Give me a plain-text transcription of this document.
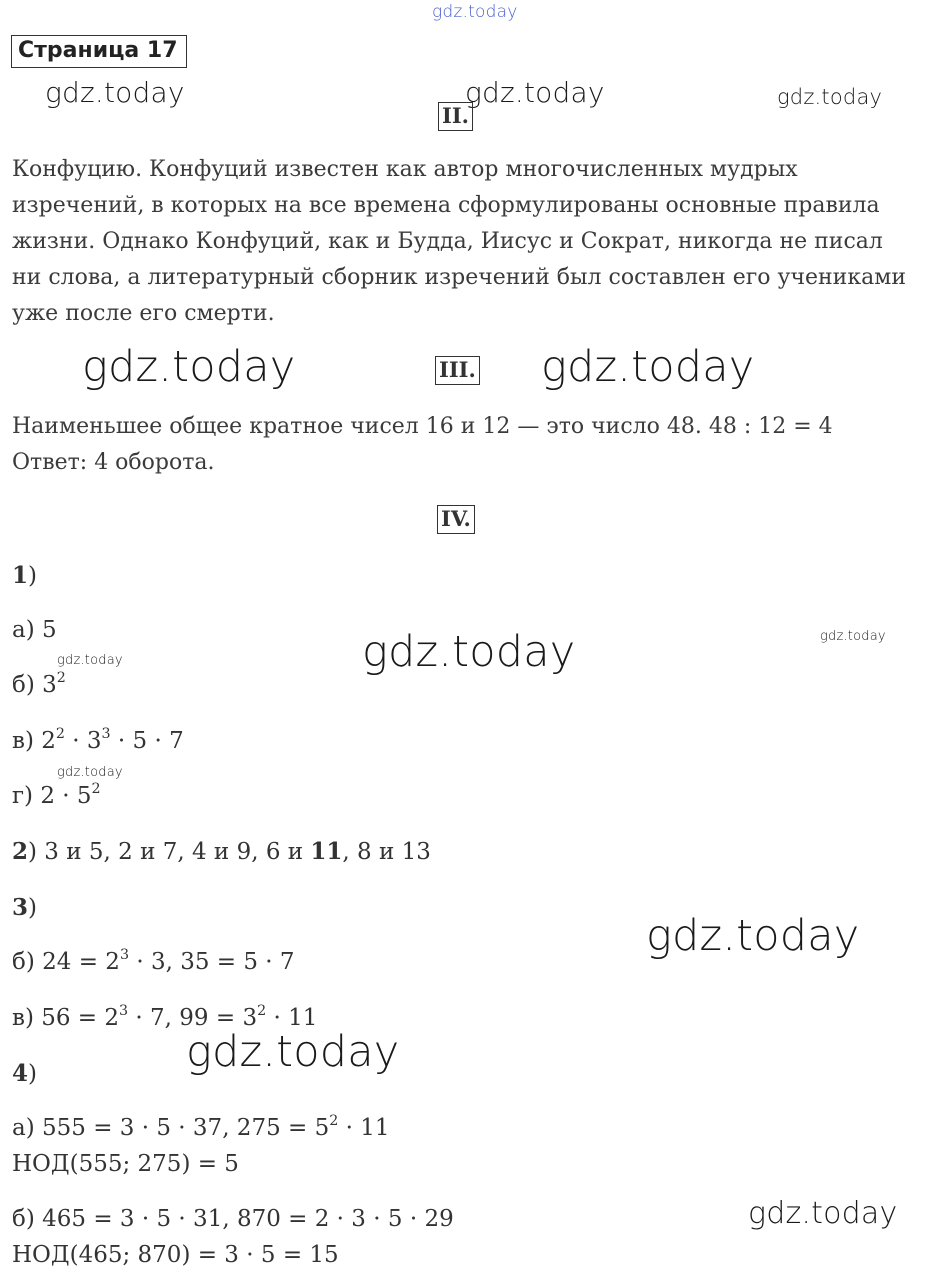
gdz.today
gdz.today	gdz.today	gdz.today
gdz.today	gdz.today
gdz.today	gdz.today
gdz.today
gdz.today
gdz.today
gdz.today
gdz.today
Страница 17
II.
Конфуцию. Конфуций известен как автор многочисленных мудрых
изречений, в которых на все времена сформулированы основные правила
жизни. Однако Конфуций, как и Будда, Иисус и Сократ, никогда не писал
ни слова, а литературный сборник изречений был составлен его учениками
уже после его смерти.
III.
Наименьшее общее кратное чисел 16 и 12 — это число 48. 48 : 12 = 4
Ответ: 4 оборота.
IV.
1)
а) 5
б) $3^2$
в) $2^2 \cdot 3^3 \cdot 5 \cdot 7$
г) $2 \cdot 5^2$
2) 3 и 5, 2 и 7, 4 и 9, 6 и 11, 8 и 13
3)
б) $24 = 2^3 \cdot 3$, 35 = 5 · 7
в) $56 = 2^3 \cdot 7$, $99 = 3^2 \cdot 11$
4)
а) 555 = 3 · 5 · 37, $275 = 5^2 \cdot 11$
НОД(555; 275) = 5
б) 465 = 3 · 5 · 31, 870 = 2 · 3 · 5 · 29
НОД(465; 870) = 3 · 5 = 15
